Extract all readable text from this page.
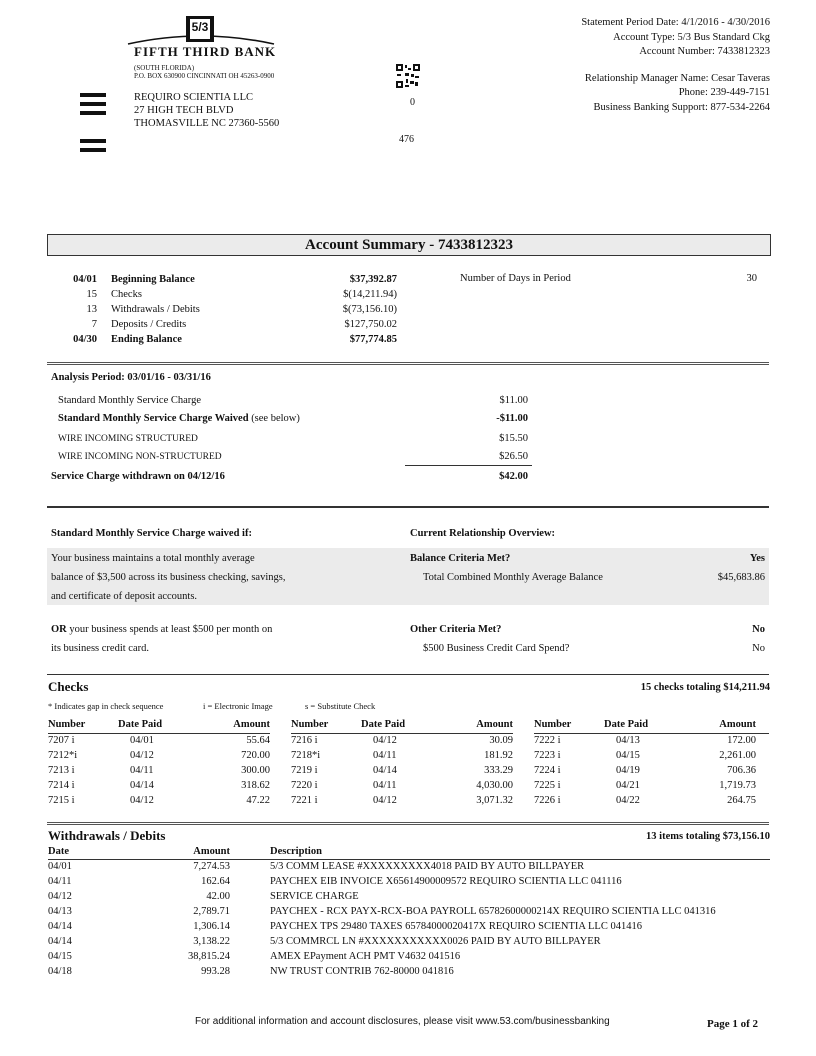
5/3
FIFTH THIRD BANK
(SOUTH FLORIDA)
P.O. BOX 630900 CINCINNATI OH 45263-0900
0
476
REQUIRO SCIENTIA LLC
27 HIGH TECH BLVD
THOMASVILLE NC 27360-5560
Statement Period Date: 4/1/2016 - 4/30/2016
Account Type: 5/3 Bus Standard Ckg
Account Number: 7433812323
Relationship Manager Name: Cesar Taveras
Phone: 239-449-7151
Business Banking Support: 877-534-2264
Account Summary - 7433812323
04/01	Beginning Balance	$37,392.87
15	Checks	$(14,211.94)
13	Withdrawals / Debits	$(73,156.10)
7	Deposits / Credits	$127,750.02
04/30	Ending Balance	$77,774.85
Number of Days in Period	30
Analysis Period: 03/01/16 - 03/31/16
Standard Monthly Service Charge	$11.00
Standard Monthly Service Charge Waived (see below)	-$11.00
WIRE INCOMING STRUCTURED	$15.50
WIRE INCOMING NON-STRUCTURED	$26.50
Service Charge withdrawn on 04/12/16	$42.00
Standard Monthly Service Charge waived if:	Current Relationship Overview:
Your business maintains a total monthly average
balance of $3,500 across its business checking, savings,
and certificate of deposit accounts.
Balance Criteria Met?	Yes
Total Combined Monthly Average Balance	$45,683.86
OR your business spends at least $500 per month on
its business credit card.
Other Criteria Met?	No
$500 Business Credit Card Spend?	No
Checks	15 checks totaling $14,211.94
* Indicates gap in check sequence	i = Electronic Image	s = Substitute Check
Number	Date Paid	Amount
7207 i	04/01	55.64
7212*i	04/12	720.00
7213 i	04/11	300.00
7214 i	04/14	318.62
7215 i	04/12	47.22
Number	Date Paid	Amount
7216 i	04/12	30.09
7218*i	04/11	181.92
7219 i	04/14	333.29
7220 i	04/11	4,030.00
7221 i	04/12	3,071.32
Number	Date Paid	Amount
7222 i	04/13	172.00
7223 i	04/15	2,261.00
7224 i	04/19	706.36
7225 i	04/21	1,719.73
7226 i	04/22	264.75
Withdrawals / Debits	13 items totaling $73,156.10
Date	Amount	Description
04/01	7,274.53	5/3 COMM LEASE #XXXXXXXXX4018 PAID BY AUTO BILLPAYER
04/11	162.64	PAYCHEX EIB INVOICE X65614900009572 REQUIRO SCIENTIA LLC 041116
04/12	42.00	SERVICE CHARGE
04/13	2,789.71	PAYCHEX - RCX PAYX-RCX-BOA PAYROLL 65782600000214X REQUIRO SCIENTIA LLC 041316
04/14	1,306.14	PAYCHEX TPS 29480 TAXES 65784000020417X REQUIRO SCIENTIA LLC 041416
04/14	3,138.22	5/3 COMMRCL LN #XXXXXXXXXXX0026 PAID BY AUTO BILLPAYER
04/15	38,815.24	AMEX EPayment ACH PMT V4632 041516
04/18	993.28	NW TRUST CONTRIB 762-80000 041816
For additional information and account disclosures, please visit www.53.com/businessbanking	Page 1 of 2
